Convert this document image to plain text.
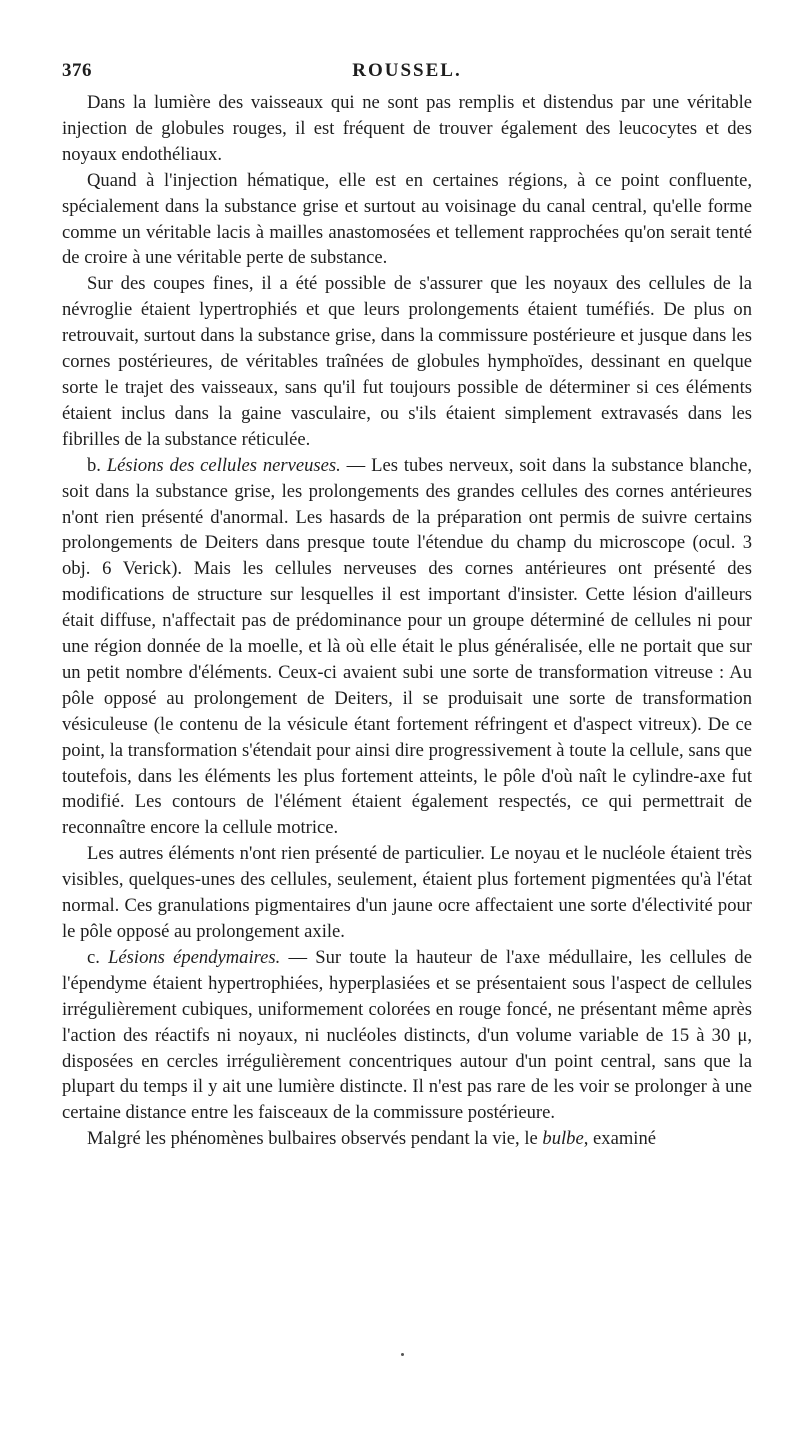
376	ROUSSEL.

Dans la lumière des vaisseaux qui ne sont pas remplis et distendus par une véritable injection de globules rouges, il est fréquent de trouver également des leucocytes et des noyaux endothéliaux.

Quand à l'injection hématique, elle est en certaines régions, à ce point confluente, spécialement dans la substance grise et surtout au voisinage du canal central, qu'elle forme comme un véritable lacis à mailles anastomosées et tellement rapprochées qu'on serait tenté de croire à une véritable perte de substance.

Sur des coupes fines, il a été possible de s'assurer que les noyaux des cellules de la névroglie étaient lypertrophiés et que leurs prolongements étaient tuméfiés. De plus on retrouvait, surtout dans la substance grise, dans la commissure postérieure et jusque dans les cornes postérieures, de véritables traînées de globules hymphoïdes, dessinant en quelque sorte le trajet des vaisseaux, sans qu'il fut toujours possible de déterminer si ces éléments étaient inclus dans la gaine vasculaire, ou s'ils étaient simplement extravasés dans les fibrilles de la substance réticulée.

b. Lésions des cellules nerveuses. — Les tubes nerveux, soit dans la substance blanche, soit dans la substance grise, les prolongements des grandes cellules des cornes antérieures n'ont rien présenté d'anormal. Les hasards de la préparation ont permis de suivre certains prolongements de Deiters dans presque toute l'étendue du champ du microscope (ocul. 3 obj. 6 Verick). Mais les cellules nerveuses des cornes antérieures ont présenté des modifications de structure sur lesquelles il est important d'insister. Cette lésion d'ailleurs était diffuse, n'affectait pas de prédominance pour un groupe déterminé de cellules ni pour une région donnée de la moelle, et là où elle était le plus généralisée, elle ne portait que sur un petit nombre d'éléments. Ceux-ci avaient subi une sorte de transformation vitreuse : Au pôle opposé au prolongement de Deiters, il se produisait une sorte de transformation vésiculeuse (le contenu de la vésicule étant fortement réfringent et d'aspect vitreux). De ce point, la transformation s'étendait pour ainsi dire progressivement à toute la cellule, sans que toutefois, dans les éléments les plus fortement atteints, le pôle d'où naît le cylindre-axe fut modifié. Les contours de l'élément étaient également respectés, ce qui permettrait de reconnaître encore la cellule motrice.

Les autres éléments n'ont rien présenté de particulier. Le noyau et le nucléole étaient très visibles, quelques-unes des cellules, seulement, étaient plus fortement pigmentées qu'à l'état normal. Ces granulations pigmentaires d'un jaune ocre affectaient une sorte d'électivité pour le pôle opposé au prolongement axile.

c. Lésions épendymaires. — Sur toute la hauteur de l'axe médullaire, les cellules de l'épendyme étaient hypertrophiées, hyperplasiées et se présentaient sous l'aspect de cellules irrégulièrement cubiques, uniformement colorées en rouge foncé, ne présentant même après l'action des réactifs ni noyaux, ni nucléoles distincts, d'un volume variable de 15 à 30 μ, disposées en cercles irrégulièrement concentriques autour d'un point central, sans que la plupart du temps il y ait une lumière distincte. Il n'est pas rare de les voir se prolonger à une certaine distance entre les faisceaux de la commissure postérieure.

Malgré les phénomènes bulbaires observés pendant la vie, le bulbe, examiné
